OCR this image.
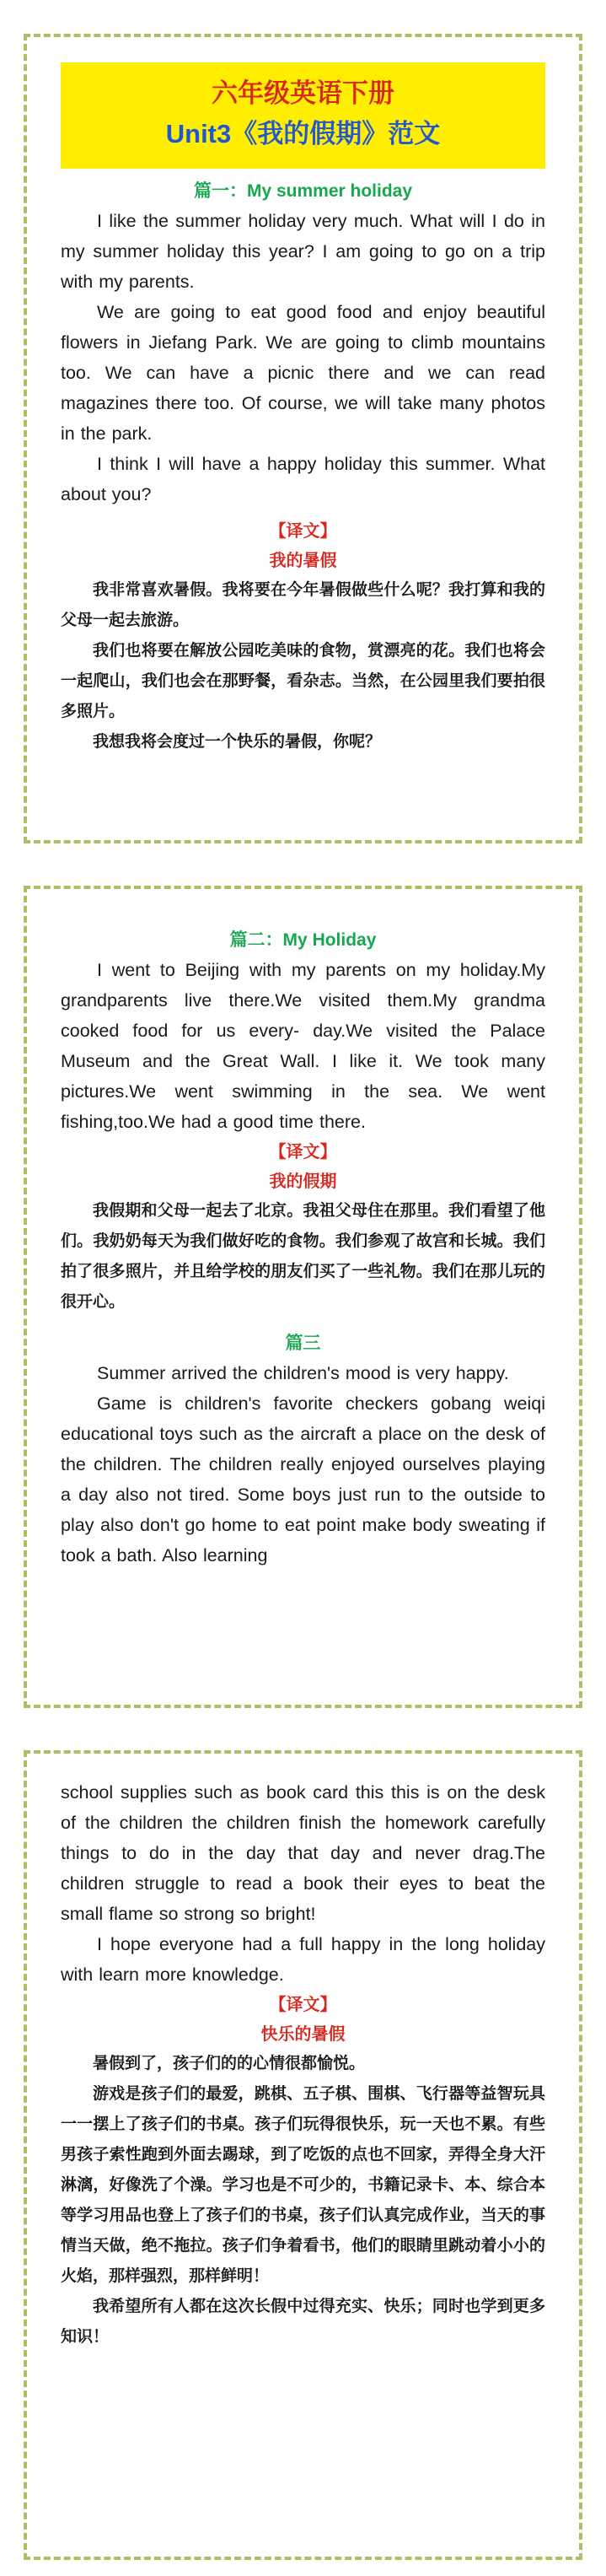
六年级英语下册
Unit3《我的假期》范文
篇一：My summer holiday

I like the summer holiday very much. What will I do in my summer holiday this year? I am going to go on a trip with my parents.

We are going to eat good food and enjoy beautiful flowers in Jiefang Park. We are going to climb mountains too. We can have a picnic there and we can read magazines there too. Of course, we will take many photos in the park.

I think I will have a happy holiday this summer. What about you?

【译文】
我的暑假

我非常喜欢暑假。我将要在今年暑假做些什么呢？我打算和我的父母一起去旅游。

我们也将要在解放公园吃美味的食物，赏漂亮的花。我们也将会一起爬山，我们也会在那野餐，看杂志。当然，在公园里我们要拍很多照片。

我想我将会度过一个快乐的暑假，你呢？

篇二：My Holiday

I went to Beijing with my parents on my holiday.My grandparents live there.We visited them.My grandma cooked food for us every- day.We visited the Palace Museum and the Great Wall. I like it. We took many pictures.We went swimming in the sea. We went fishing,too.We had a good time there.

【译文】
我的假期

我假期和父母一起去了北京。我祖父母住在那里。我们看望了他们。我奶奶每天为我们做好吃的食物。我们参观了故宫和长城。我们拍了很多照片，并且给学校的朋友们买了一些礼物。我们在那儿玩的很开心。

篇三

Summer arrived the children's mood is very happy.

Game is children's favorite checkers gobang weiqi educational toys such as the aircraft a place on the desk of the children. The children really enjoyed ourselves playing a day also not tired. Some boys just run to the outside to play also don't go home to eat point make body sweating if took a bath. Also learning

school supplies such as book card this this is on the desk of the children the children finish the homework carefully things to do in the day that day and never drag.The children struggle to read a book their eyes to beat the small flame so strong so bright!

I hope everyone had a full happy in the long holiday with learn more knowledge.

【译文】
快乐的暑假

暑假到了，孩子们的的心情很都愉悦。

游戏是孩子们的最爱，跳棋、五子棋、围棋、飞行器等益智玩具一一摆上了孩子们的书桌。孩子们玩得很快乐，玩一天也不累。有些男孩子索性跑到外面去踢球，到了吃饭的点也不回家，弄得全身大汗淋漓，好像洗了个澡。学习也是不可少的，书籍记录卡、本、综合本等学习用品也登上了孩子们的书桌，孩子们认真完成作业，当天的事情当天做，绝不拖拉。孩子们争着看书，他们的眼睛里跳动着小小的火焰，那样强烈，那样鲜明！

我希望所有人都在这次长假中过得充实、快乐；同时也学到更多知识！
